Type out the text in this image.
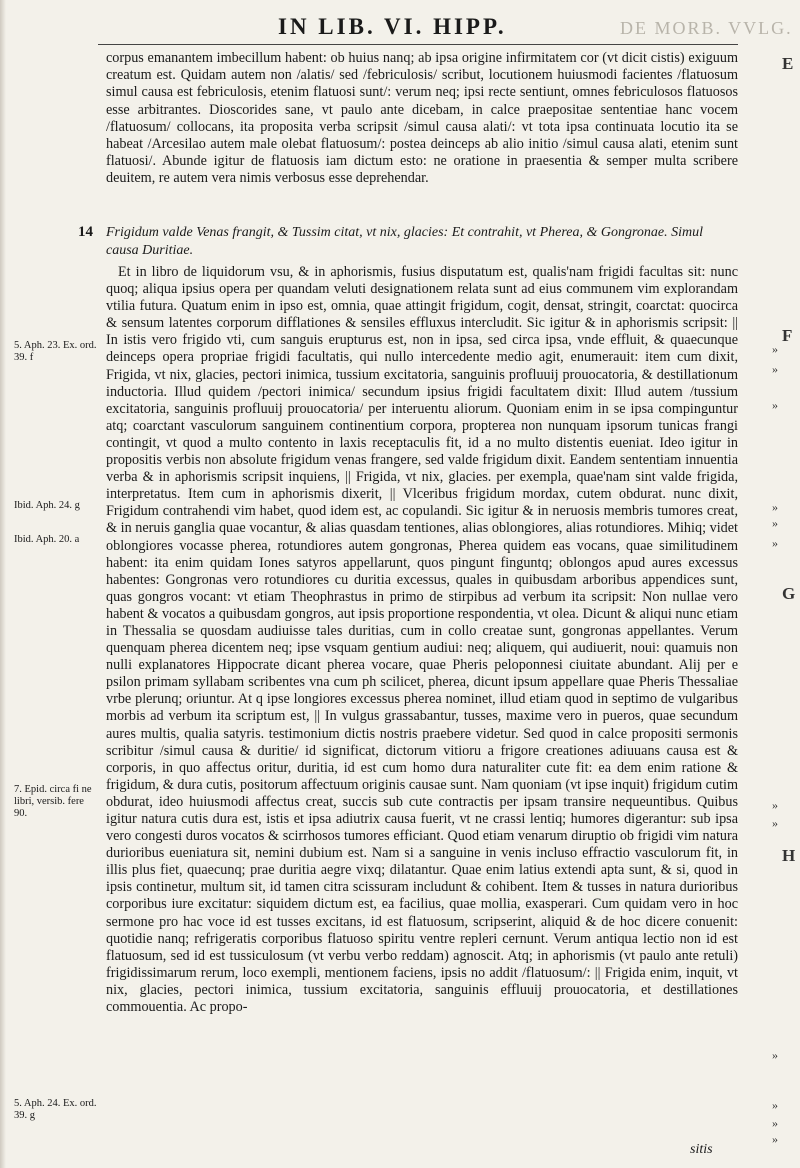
IN LIB. VI. HIPP.	DE MORB. VVLG.

corpus emanantem imbecillum habent: ob huius nanq; ab ipsa origine infirmitatem cor (vt dicit cistis) exiguum creatum est. Quidam autem non /alatis/ sed /febriculosis/ scribut, locutionem huiusmodi facientes /flatuosum simul causa est febriculosis, etenim flatuosi sunt/: verum neq; ipsi recte sentiunt, omnes febriculosos flatuosos esse arbitrantes. Dioscorides sane, vt paulo ante dicebam, in calce praepositae sententiae hanc vocem /flatuosum/ collocans, ita proposita verba scripsit /simul causa alati/: vt tota ipsa continuata locutio ita se habeat /Arcesilao autem male olebat flatuosum/: postea deinceps ab alio initio /simul causa alati, etenim sunt flatuosi/. Abunde igitur de flatuosis iam dictum esto: ne oratione in praesentia & semper multa scribere deuitem, re autem vera nimis verbosus esse deprehendar.

14 Frigidum valde Venas frangit, & Tussim citat, vt nix, glacies: Et contrahit, vt Pherea, & Gongronae. Simul causa Duritiae.

Et in libro de liquidorum vsu, & in aphorismis, fusius disputatum est, qualis'nam frigidi facultas sit: nunc quoq; aliqua ipsius opera per quandam veluti designationem relata sunt ad eius communem vim explorandam vtilia futura. Quatum enim in ipso est, omnia, quae attingit frigidum, cogit, densat, stringit, coarctat: quocirca & sensum latentes corporum difflationes & sensiles effluxus intercludit. Sic igitur & in aphorismis scripsit: || In istis vero frigido vti, cum sanguis erupturus est, non in ipsa, sed circa ipsa, vnde effluit, & quaecunque deinceps opera propriae frigidi facultatis, qui nullo intercedente medio agit, enumerauit: item cum dixit, Frigida, vt nix, glacies, pectori inimica, tussium excitatoria, sanguinis profluuij prouocatoria, & destillationum inductoria. Illud quidem /pectori inimica/ secundum ipsius frigidi facultatem dixit: Illud autem /tussium excitatoria, sanguinis profluuij prouocatoria/ per interuentu aliorum. Quoniam enim in se ipsa compinguntur atq; coarctant vasculorum sanguinem continentium corpora, propterea non nunquam ipsorum tunicas frangi contingit, vt quod a multo contento in laxis receptaculis fit, id a no multo distentis eueniat. Ideo igitur in propositis verbis non absolute frigidum venas frangere, sed valde frigidum dixit. Eandem sententiam innuentia verba & in aphorismis scripsit inquiens, || Frigida, vt nix, glacies. per exempla, quae'nam sint valde frigida, interpretatus. Item cum in aphorismis dixerit, || Vlceribus frigidum mordax, cutem obdurat. nunc dixit, Frigidum contrahendi vim habet, quod idem est, ac copulandi. Sic igitur & in neruosis membris tumores creat, & in neruis ganglia quae vocantur, & alias quasdam tentiones, alias oblongiores, alias rotundiores. Mihiq; videt oblongiores vocasse pherea, rotundiores autem gongronas, Pherea quidem eas vocans, quae similitudinem habent: ita enim quidam Iones satyros appellarunt, quos pingunt finguntq; oblongos apud aures excessus habentes: Gongronas vero rotundiores cu duritia excessus, quales in quibusdam arboribus appendices sunt, quas gongros vocant: vt etiam Theophrastus in primo de stirpibus ad verbum ita scripsit: Non nullae vero habent & vocatos a quibusdam gongros, aut ipsis proportione respondentia, vt olea. Dicunt & aliqui nunc etiam in Thessalia se quosdam audiuisse tales duritias, cum in collo creatae sunt, gongronas appellantes. Verum quenquam pherea dicentem neq; ipse vsquam gentium audiui: neq; aliquem, qui audiuerit, noui: quamuis non nulli explanatores Hippocrate dicant pherea vocare, quae Pheris peloponnesi ciuitate abundant. Alij per e psilon primam syllabam scribentes vna cum ph scilicet, pherea, dicunt ipsum appellare quae Pheris Thessaliae vrbe plerunq; oriuntur. At q ipse longiores excessus pherea nominet, illud etiam quod in septimo de vulgaribus morbis ad verbum ita scriptum est, || In vulgus grassabantur, tusses, maxime vero in pueros, quae secundum aures multis, qualia satyris. testimonium dictis nostris praebere videtur. Sed quod in calce propositi sermonis scribitur /simul causa & duritie/ id significat, dictorum vitioru a frigore creationes adiuuans causa est & corporis, in quo affectus oritur, duritia, id est cum homo dura naturaliter cute fit: ea dem enim ratione & frigidum, & dura cutis, positorum affectuum originis causae sunt. Nam quoniam (vt ipse inquit) frigidum cutim obdurat, ideo huiusmodi affectus creat, succis sub cute contractis per ipsam transire nequeuntibus. Quibus igitur natura cutis dura est, istis et ipsa adiutrix causa fuerit, vt ne crassi lentiq; humores digerantur: sub ipsa vero congesti duros vocatos & scirrhosos tumores efficiant. Quod etiam venarum diruptio ob frigidi vim natura durioribus eueniatura sit, nemini dubium est. Nam si a sanguine in venis incluso effractio vasculorum fit, in illis plus fiet, quaecunq; prae duritia aegre vixq; dilatantur. Quae enim latius extendi apta sunt, & si, quod in ipsis continetur, multum sit, id tamen citra scissuram includunt & cohibent. Item & tusses in natura durioribus corporibus iure excitatur: siquidem dictum est, ea facilius, quae mollia, exasperari. Cum quidam vero in hoc sermone pro hac voce id est tusses excitans, id est flatuosum, scripserint, aliquid & de hoc dicere conuenit: quotidie nanq; refrigeratis corporibus flatuoso spiritu ventre repleri cernunt. Verum antiqua lectio non id est flatuosum, sed id est tussiculosum (vt verbu verbo reddam) agnoscit. Atq; in aphorismis (vt paulo ante retuli) frigidissimarum rerum, loco exempli, mentionem faciens, ipsis no addit /flatuosum/: || Frigida enim, inquit, vt nix, glacies, pectori inimica, tussium excitatoria, sanguinis effluuij prouocatoria, et destillationes commouentia. Ac propo-

5. Aph. 23. Ex. ord. 39. f
Ibid. Aph. 24. g
Ibid. Aph. 20. a
7. Epid. circa fi ne libri, versib. fere 90.
5. Aph. 24. Ex. ord. 39. g
»
»
»
»
»
»
»
»
»
»
»
»
E
F
G
H
sitis
